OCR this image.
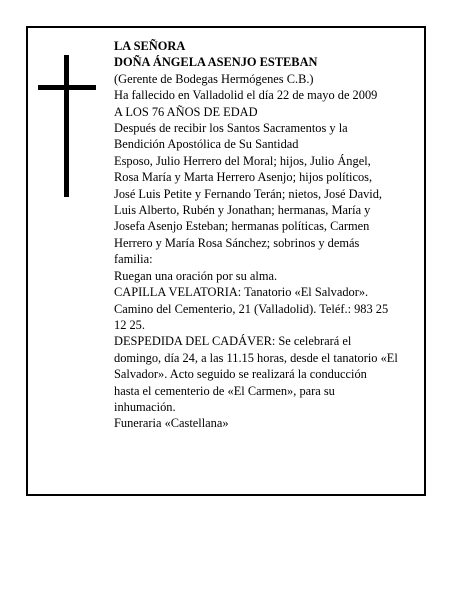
LA SEÑORA
DOÑA ÁNGELA ASENJO ESTEBAN
(Gerente de Bodegas Hermógenes C.B.)
Ha fallecido en Valladolid el día 22 de mayo de 2009
A LOS 76 AÑOS DE EDAD
Después de recibir los Santos Sacramentos y la
Bendición Apostólica de Su Santidad
Esposo, Julio Herrero del Moral; hijos, Julio Ángel,
Rosa María y Marta Herrero Asenjo; hijos políticos,
José Luis Petite y Fernando Terán; nietos, José David,
Luis Alberto, Rubén y Jonathan; hermanas, María y
Josefa Asenjo Esteban; hermanas políticas, Carmen
Herrero y María Rosa Sánchez; sobrinos y demás
familia:
Ruegan una oración por su alma.
CAPILLA VELATORIA: Tanatorio «El Salvador».
Camino del Cementerio, 21 (Valladolid). Teléf.: 983 25
12 25.
DESPEDIDA DEL CADÁVER: Se celebrará el
domingo, día 24, a las 11.15 horas, desde el tanatorio «El
Salvador». Acto seguido se realizará la conducción
hasta el cementerio de «El Carmen», para su
inhumación.
Funeraria «Castellana»
